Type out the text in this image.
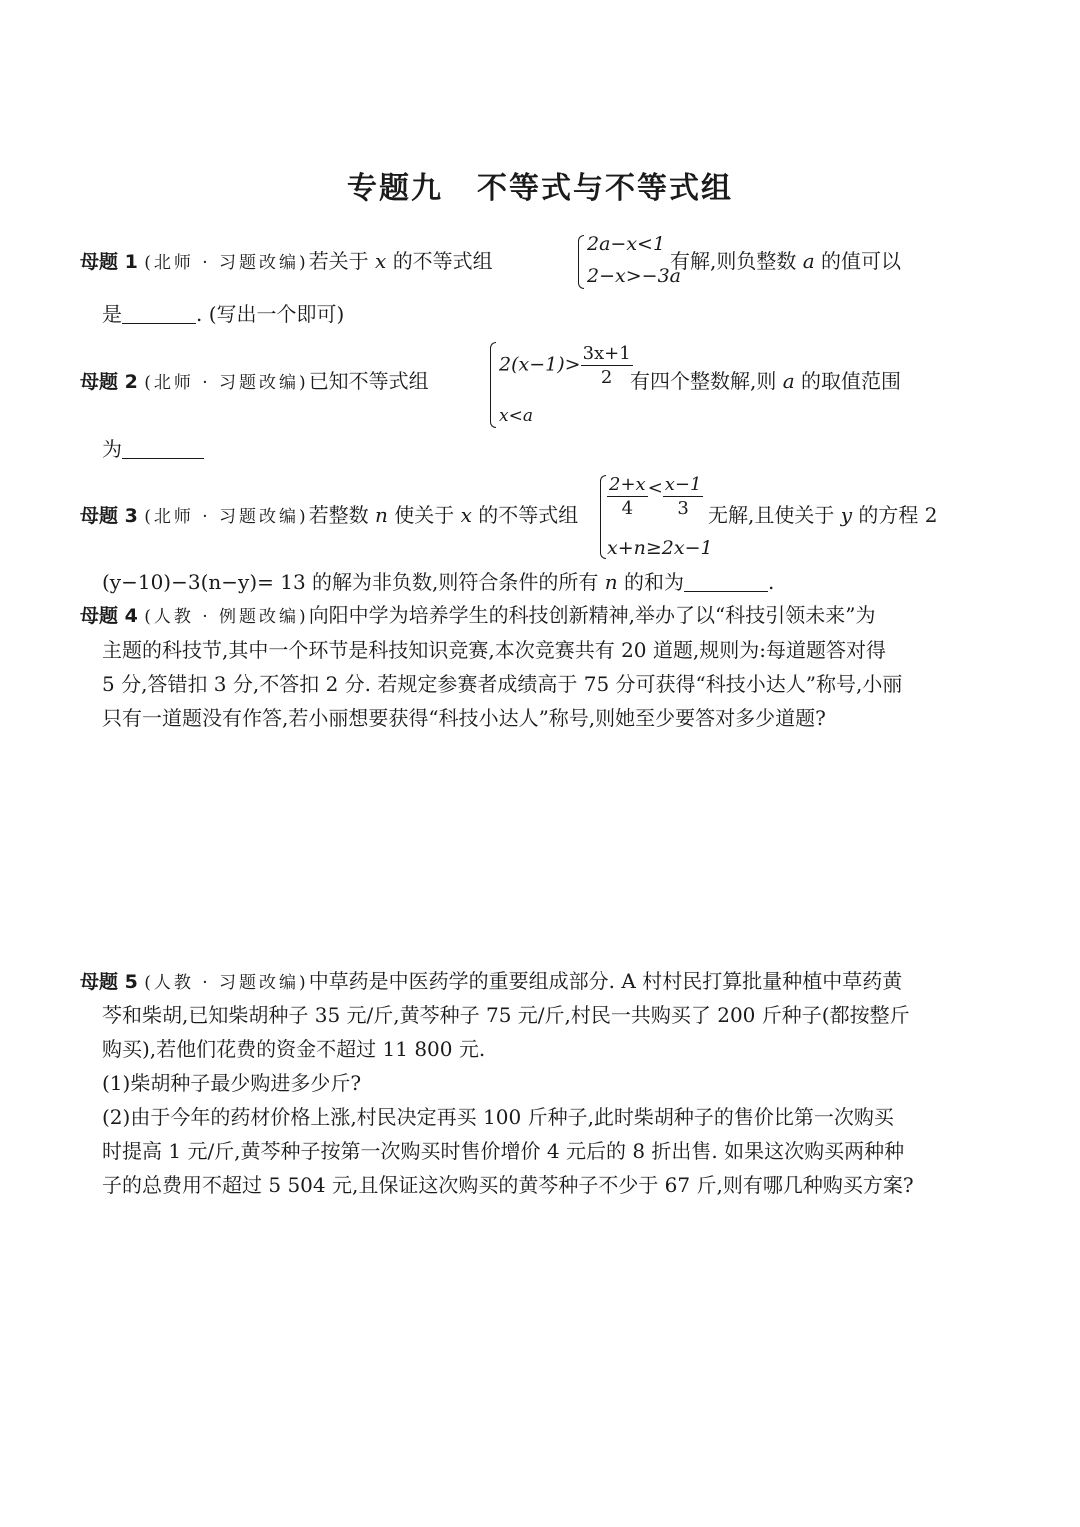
专题九 不等式与不等式组
母题 1 (北师 · 习题改编)若关于 x 的不等式组
2a−x<1
2−x>−3a
有解,则负整数 a 的值可以
是	. (写出一个即可)
母题 2 (北师 · 习题改编)已知不等式组
$2(x-1)> \frac{3x+1}{2}$
x<a
有四个整数解,则 a 的取值范围
为
母题 3 (北师 · 习题改编)若整数 n 使关于 x 的不等式组 $\frac{2+x}{4} < \frac{x-1}{3}$
x+n≥2x−1
无解,且使关于 y 的方程 2
(y−10)−3(n−y)= 13 的解为非负数,则符合条件的所有 n 的和为	.
母题 4 (人教 · 例题改编)向阳中学为培养学生的科技创新精神,举办了以“科技引领未来”为
主题的科技节,其中一个环节是科技知识竞赛,本次竞赛共有 20 道题,规则为:每道题答对得
5 分,答错扣 3 分,不答扣 2 分. 若规定参赛者成绩高于 75 分可获得“科技小达人”称号,小丽
只有一道题没有作答,若小丽想要获得“科技小达人”称号,则她至少要答对多少道题?
母题 5 (人教 · 习题改编)中草药是中医药学的重要组成部分. A 村村民打算批量种植中草药黄
芩和柴胡,已知柴胡种子 35 元/斤,黄芩种子 75 元/斤,村民一共购买了 200 斤种子(都按整斤
购买),若他们花费的资金不超过 11 800 元.
(1)柴胡种子最少购进多少斤?
(2)由于今年的药材价格上涨,村民决定再买 100 斤种子,此时柴胡种子的售价比第一次购买
时提高 1 元/斤,黄芩种子按第一次购买时售价增价 4 元后的 8 折出售. 如果这次购买两种种
子的总费用不超过 5 504 元,且保证这次购买的黄芩种子不少于 67 斤,则有哪几种购买方案?
